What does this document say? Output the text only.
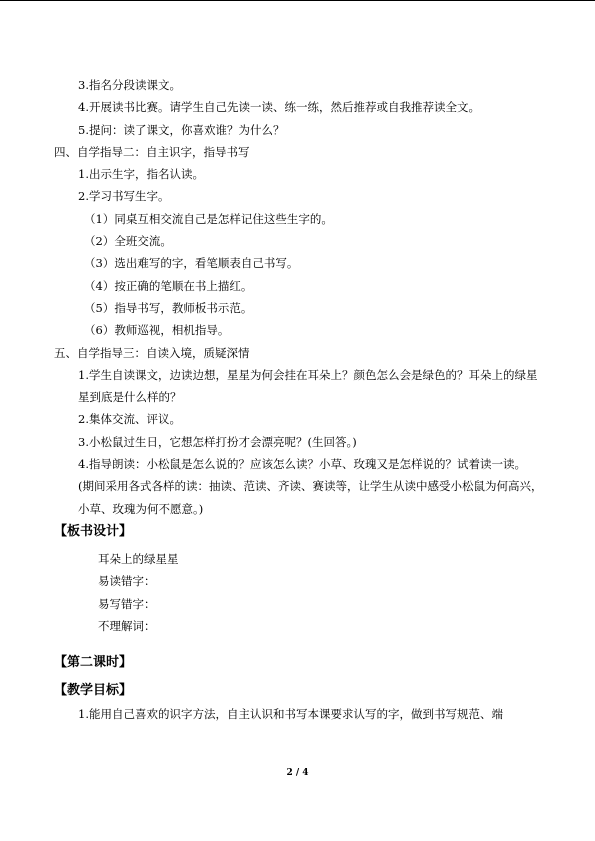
3.指名分段读课文。

4.开展读书比赛。请学生自己先读一读、练一练，然后推荐或自我推荐读全文。

5.提问：读了课文，你喜欢谁？为什么？

四、自学指导二：自主识字，指导书写

1.出示生字，指名认读。

2.学习书写生字。

（1）同桌互相交流自己是怎样记住这些生字的。

（2）全班交流。

（3）选出难写的字，看笔顺表自己书写。

（4）按正确的笔顺在书上描红。

（5）指导书写，教师板书示范。

（6）教师巡视，相机指导。

五、自学指导三：自读入境，质疑深情

1.学生自读课文，边读边想，星星为何会挂在耳朵上？颜色怎么会是绿色的？耳朵上的绿星星到底是什么样的？

2.集体交流、评议。

3.小松鼠过生日，它想怎样打扮才会漂亮呢？(生回答。)

4.指导朗读：小松鼠是怎么说的？应该怎么读？小草、玫瑰又是怎样说的？试着读一读。

(期间采用各式各样的读：抽读、范读、齐读、赛读等，让学生从读中感受小松鼠为何高兴，小草、玫瑰为何不愿意。)

【板书设计】

耳朵上的绿星星

易读错字：

易写错字：

不理解词：

【第二课时】

【教学目标】

1.能用自己喜欢的识字方法，自主认识和书写本课要求认写的字，做到书写规范、端

2 / 4
